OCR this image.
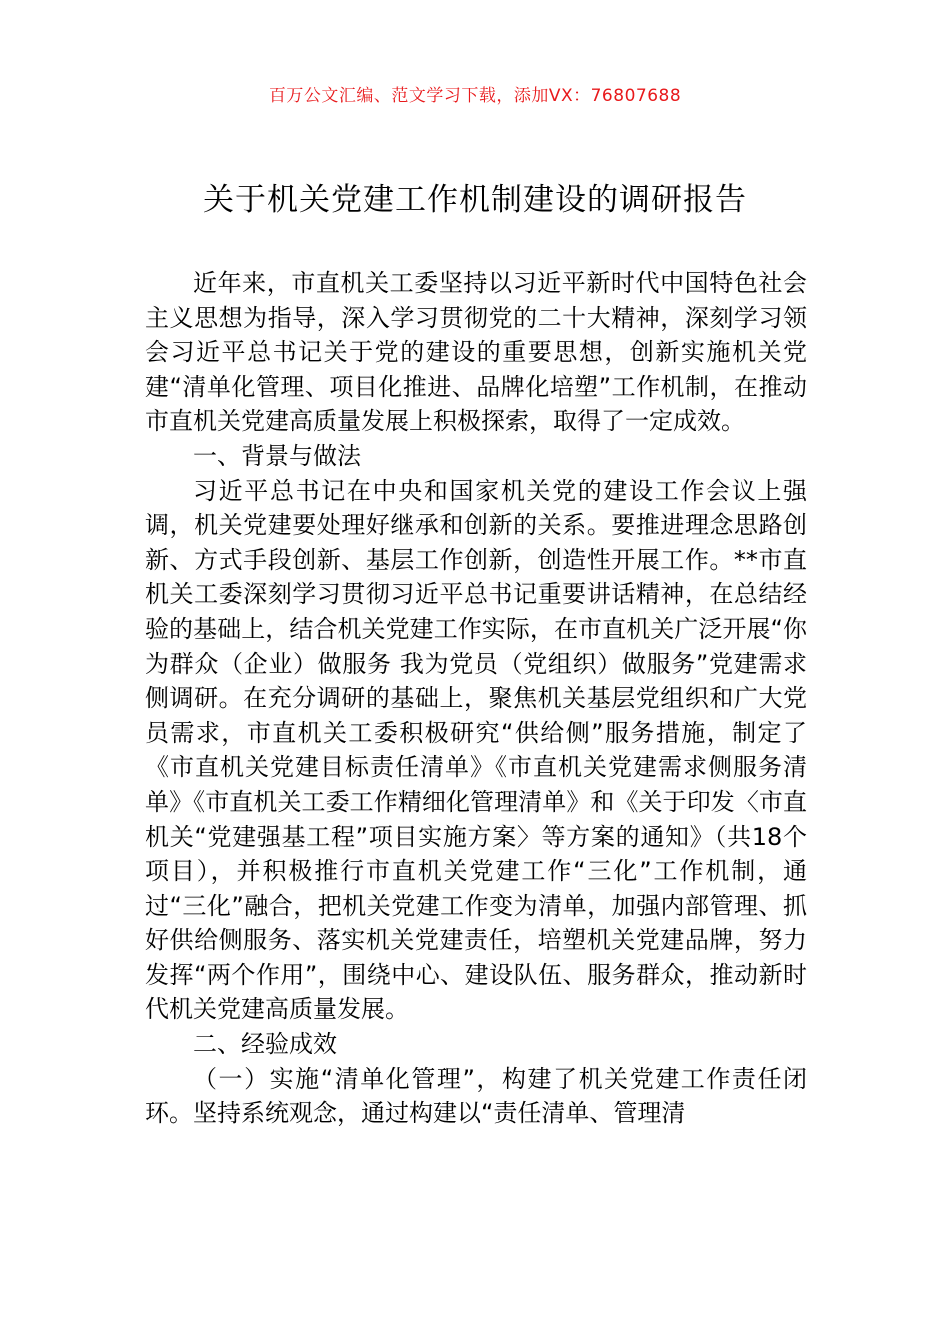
百万公文汇编、范文学习下载，添加VX：76807688
关于机关党建工作机制建设的调研报告

近年来，市直机关工委坚持以习近平新时代中国特色社会主义思想为指导，深入学习贯彻党的二十大精神，深刻学习领会习近平总书记关于党的建设的重要思想，创新实施机关党建“清单化管理、项目化推进、品牌化培塑”工作机制，在推动市直机关党建高质量发展上积极探索，取得了一定成效。

一、背景与做法

习近平总书记在中央和国家机关党的建设工作会议上强调，机关党建要处理好继承和创新的关系。要推进理念思路创新、方式手段创新、基层工作创新，创造性开展工作。**市直机关工委深刻学习贯彻习近平总书记重要讲话精神，在总结经验的基础上，结合机关党建工作实际，在市直机关广泛开展“你为群众（企业）做服务 我为党员（党组织）做服务”党建需求侧调研。在充分调研的基础上，聚焦机关基层党组织和广大党员需求，市直机关工委积极研究“供给侧”服务措施，制定了《市直机关党建目标责任清单》《市直机关党建需求侧服务清单》《市直机关工委工作精细化管理清单》和《关于印发〈市直机关“党建强基工程”项目实施方案〉等方案的通知》（共18个项目），并积极推行市直机关党建工作“三化”工作机制，通过“三化”融合，把机关党建工作变为清单，加强内部管理、抓好供给侧服务、落实机关党建责任，培塑机关党建品牌，努力发挥“两个作用”，围绕中心、建设队伍、服务群众，推动新时代机关党建高质量发展。

二、经验成效

（一）实施“清单化管理”，构建了机关党建工作责任闭环。坚持系统观念，通过构建以“责任清单、管理清
